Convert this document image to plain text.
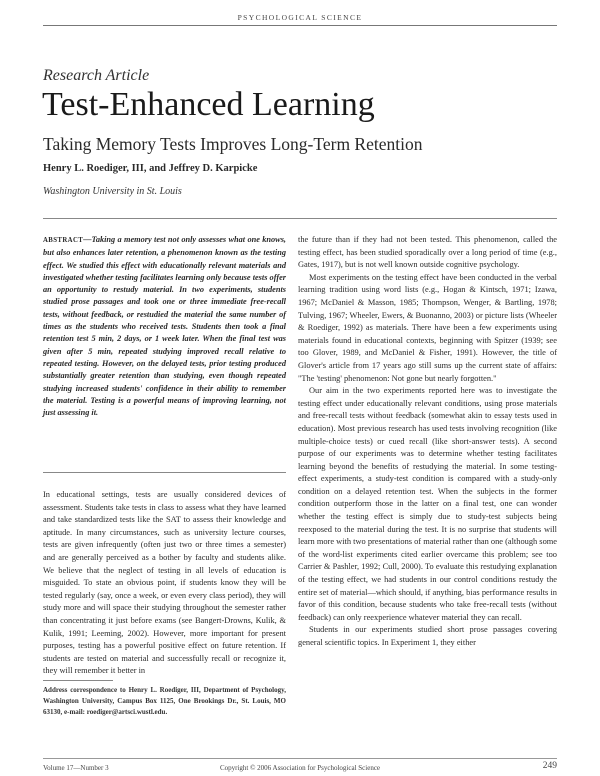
PSYCHOLOGICAL SCIENCE
Research Article
Test-Enhanced Learning
Taking Memory Tests Improves Long-Term Retention
Henry L. Roediger, III, and Jeffrey D. Karpicke
Washington University in St. Louis

ABSTRACT—Taking a memory test not only assesses what one knows, but also enhances later retention, a phenomenon known as the testing effect. We studied this effect with educationally relevant materials and investigated whether testing facilitates learning only because tests offer an opportunity to restudy material. In two experiments, students studied prose passages and took one or three immediate free-recall tests, without feedback, or restudied the material the same number of times as the students who received tests. Students then took a final retention test 5 min, 2 days, or 1 week later. When the final test was given after 5 min, repeated studying improved recall relative to repeated testing. However, on the delayed tests, prior testing produced substantially greater retention than studying, even though repeated studying increased students' confidence in their ability to remember the material. Testing is a powerful means of improving learning, not just assessing it.

In educational settings, tests are usually considered devices of assessment. Students take tests in class to assess what they have learned and take standardized tests like the SAT to assess their knowledge and aptitude. In many circumstances, such as university lecture courses, tests are given infrequently (often just two or three times a semester) and are generally perceived as a bother by faculty and students alike. We believe that the neglect of testing in all levels of education is misguided. To state an obvious point, if students know they will be tested regularly (say, once a week, or even every class period), they will study more and will space their studying throughout the semester rather than concentrating it just before exams (see Bangert-Drowns, Kulik, & Kulik, 1991; Leeming, 2002). However, more important for present purposes, testing has a powerful positive effect on future retention. If students are tested on material and successfully recall or recognize it, they will remember it better in

Address correspondence to Henry L. Roediger, III, Department of Psychology, Washington University, Campus Box 1125, One Brookings Dr., St. Louis, MO 63130, e-mail: roediger@artsci.wustl.edu.

the future than if they had not been tested. This phenomenon, called the testing effect, has been studied sporadically over a long period of time (e.g., Gates, 1917), but is not well known outside cognitive psychology.

Most experiments on the testing effect have been conducted in the verbal learning tradition using word lists (e.g., Hogan & Kintsch, 1971; Izawa, 1967; McDaniel & Masson, 1985; Thompson, Wenger, & Bartling, 1978; Tulving, 1967; Wheeler, Ewers, & Buonanno, 2003) or picture lists (Wheeler & Roediger, 1992) as materials. There have been a few experiments using materials found in educational contexts, beginning with Spitzer (1939; see too Glover, 1989, and McDaniel & Fisher, 1991). However, the title of Glover's article from 17 years ago still sums up the current state of affairs: "The 'testing' phenomenon: Not gone but nearly forgotten."

Our aim in the two experiments reported here was to investigate the testing effect under educationally relevant conditions, using prose materials and free-recall tests without feedback (somewhat akin to essay tests used in education). Most previous research has used tests involving recognition (like multiple-choice tests) or cued recall (like short-answer tests). A second purpose of our experiments was to determine whether testing facilitates learning beyond the benefits of restudying the material. In some testing-effect experiments, a study-test condition is compared with a study-only condition on a delayed retention test. When the subjects in the former condition outperform those in the latter on a final test, one can wonder whether the testing effect is simply due to study-test subjects being reexposed to the material during the test. It is no surprise that students will learn more with two presentations of material rather than one (although some of the word-list experiments cited earlier overcame this problem; see too Carrier & Pashler, 1992; Cull, 2000). To evaluate this restudying explanation of the testing effect, we had students in our control conditions restudy the entire set of material—which should, if anything, bias performance results in favor of this condition, because students who take free-recall tests (without feedback) can only reexperience whatever material they can recall.

Students in our experiments studied short prose passages covering general scientific topics. In Experiment 1, they either

Volume 17—Number 3	Copyright © 2006 Association for Psychological Science	249
